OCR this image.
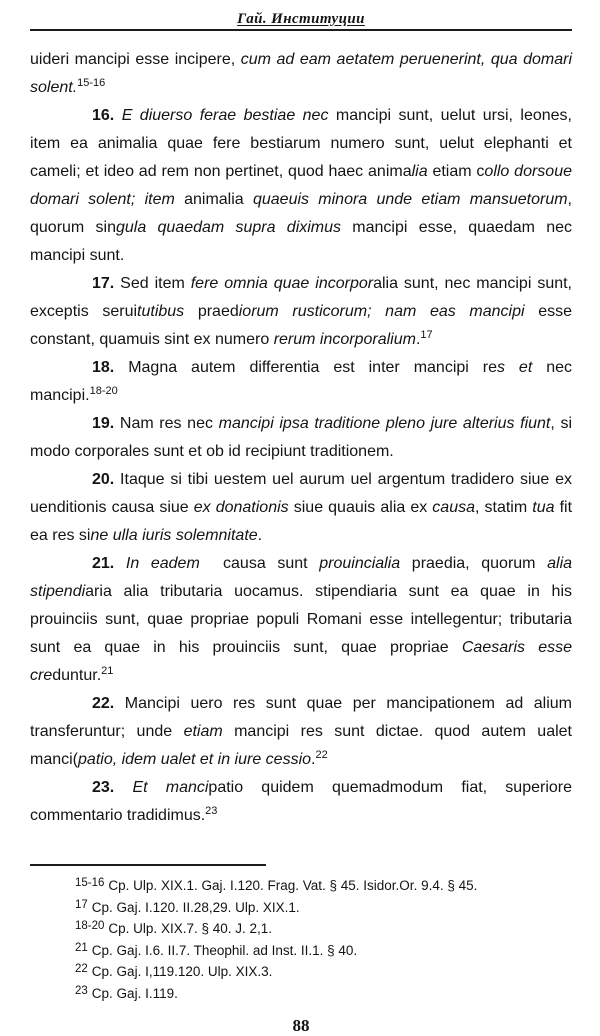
Гай. Институции

uideri mancipi esse incipere, cum ad eam aetatem peruenerint, qua domari solent.$^{15-16}$

16. E diuerso ferae bestiae nec mancipi sunt, uelut ursi, leones, item ea animalia quae fere bestiarum numero sunt, uelut elephanti et cameli; et ideo ad rem non pertinet, quod haec animalia etiam collo dorsoue domari solent; item animalia quaeuis minora unde etiam mansuetorum, quorum singula quaedam supra diximus mancipi esse, quaedam nec mancipi sunt.

17. Sed item fere omnia quae incorporalia sunt, nec mancipi sunt, exceptis seruitutibus praediorum rusticorum; nam eas mancipi esse constant, quamuis sint ex numero rerum incorporalium.$^{17}$

18. Magna autem differentia est inter mancipi res et nec mancipi.$^{18-20}$

19. Nam res nec mancipi ipsa traditione pleno jure alterius fiunt, si modo corporales sunt et ob id recipiunt traditionem.

20. Itaque si tibi uestem uel aurum uel argentum tradidero siue ex uenditionis causa siue ex donationis siue quauis alia ex causa, statim tua fit ea res sine ulla iuris solemnitate.

21. In eadem  causa sunt prouincialia praedia, quorum alia stipendiaria alia tributaria uocamus. stipendiaria sunt ea quae in his prouinciis sunt, quae propriae populi Romani esse intellegentur; tributaria sunt ea quae in his prouinciis sunt, quae propriae Caesaris esse creduntur.$^{21}$

22. Mancipi uero res sunt quae per mancipationem ad alium transferuntur; unde etiam mancipi res sunt dictae. quod autem ualet manci(patio, idem ualet et in iure cessio.$^{22}$

23. Et mancipatio quidem quemadmodum fiat, superiore commentario tradidimus.$^{23}$

15-16 Cp. Ulp. XIX.1. Gaj. I.120. Frag. Vat. § 45. Isidor.Or. 9.4. § 45.
17 Cp. Gaj. I.120. II.28,29. Ulp. XIX.1.
18-20 Cp. Ulp. XIX.7. § 40. J. 2,1.
21 Cp. Gaj. I.6. II.7. Theophil. ad Inst. II.1. § 40.
22 Cp. Gaj. I,119.120. Ulp. XIX.3.
23 Cp. Gaj. I.119.
88
